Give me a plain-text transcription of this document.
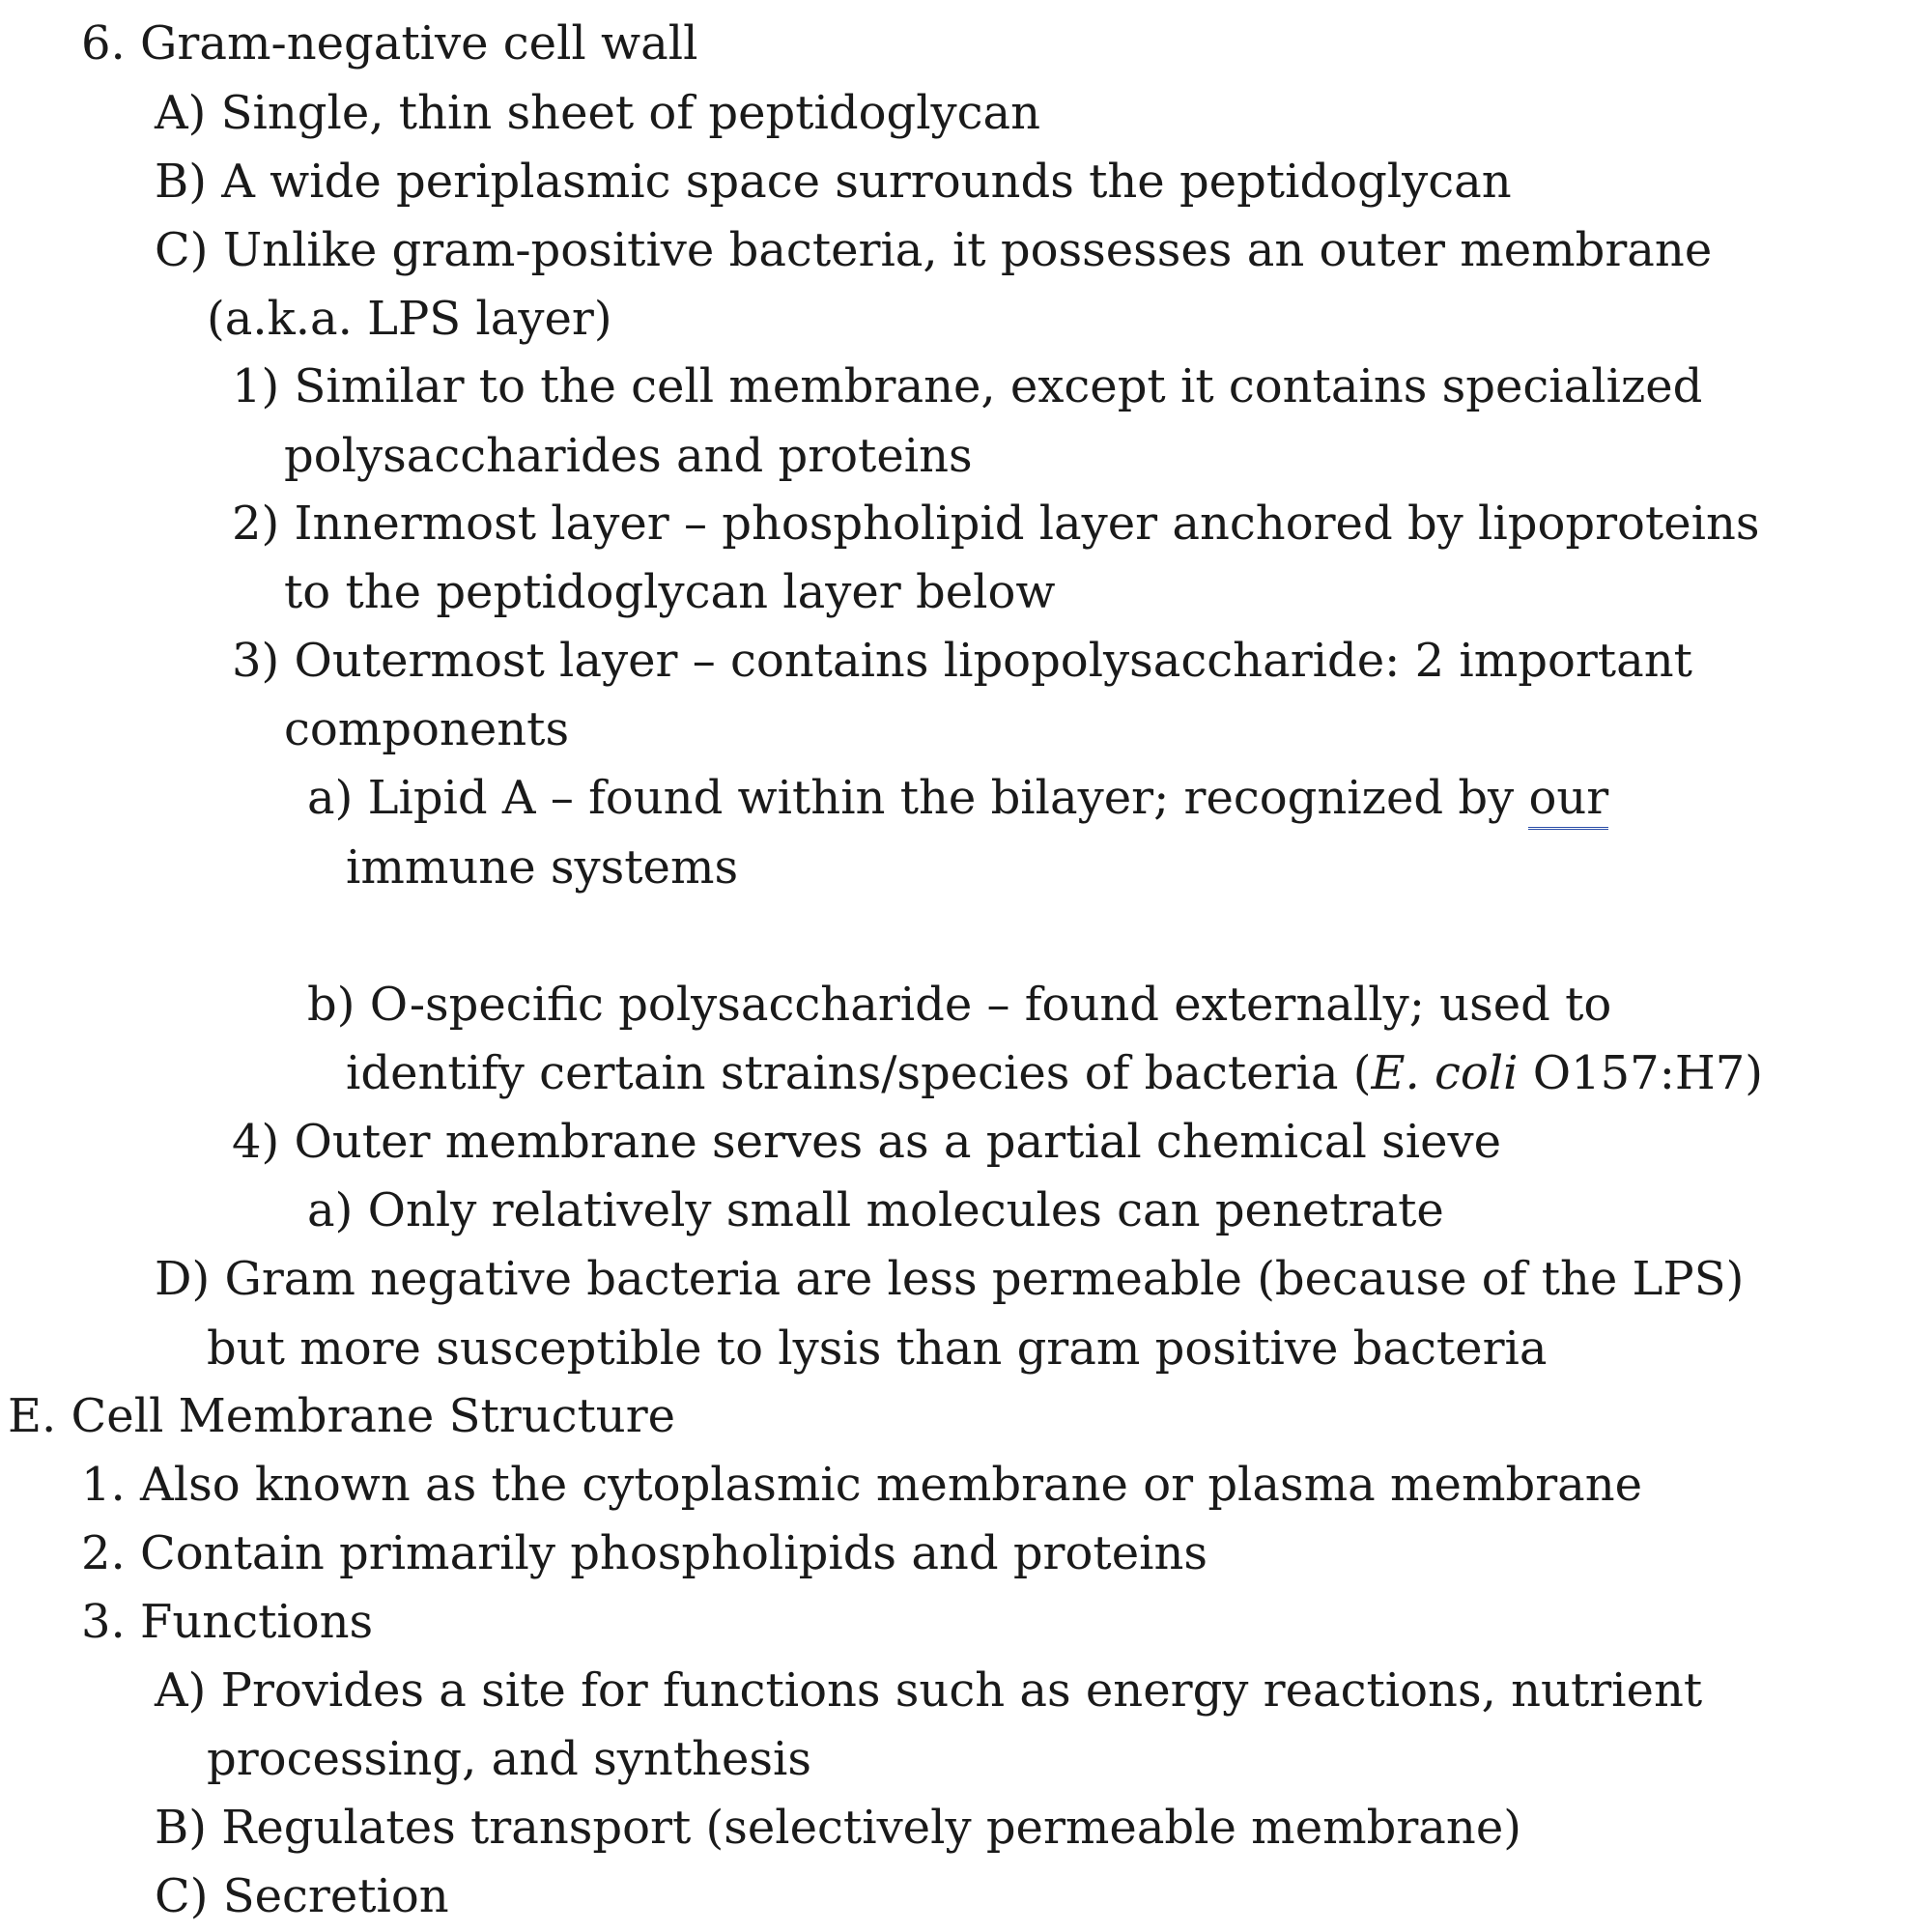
6. Gram-negative cell wall
A) Single, thin sheet of peptidoglycan
B) A wide periplasmic space surrounds the peptidoglycan
C) Unlike gram-positive bacteria, it possesses an outer membrane
(a.k.a. LPS layer)
1) Similar to the cell membrane, except it contains specialized
polysaccharides and proteins
2) Innermost layer – phospholipid layer anchored by lipoproteins
to the peptidoglycan layer below
3) Outermost layer – contains lipopolysaccharide: 2 important
components
a) Lipid A – found within the bilayer; recognized by our
immune systems
b) O-specific polysaccharide – found externally; used to
identify certain strains/species of bacteria (E. coli O157:H7)
4) Outer membrane serves as a partial chemical sieve
a) Only relatively small molecules can penetrate
D) Gram negative bacteria are less permeable (because of the LPS)
but more susceptible to lysis than gram positive bacteria
E. Cell Membrane Structure
1. Also known as the cytoplasmic membrane or plasma membrane
2. Contain primarily phospholipids and proteins
3. Functions
A) Provides a site for functions such as energy reactions, nutrient
processing, and synthesis
B) Regulates transport (selectively permeable membrane)
C) Secretion
